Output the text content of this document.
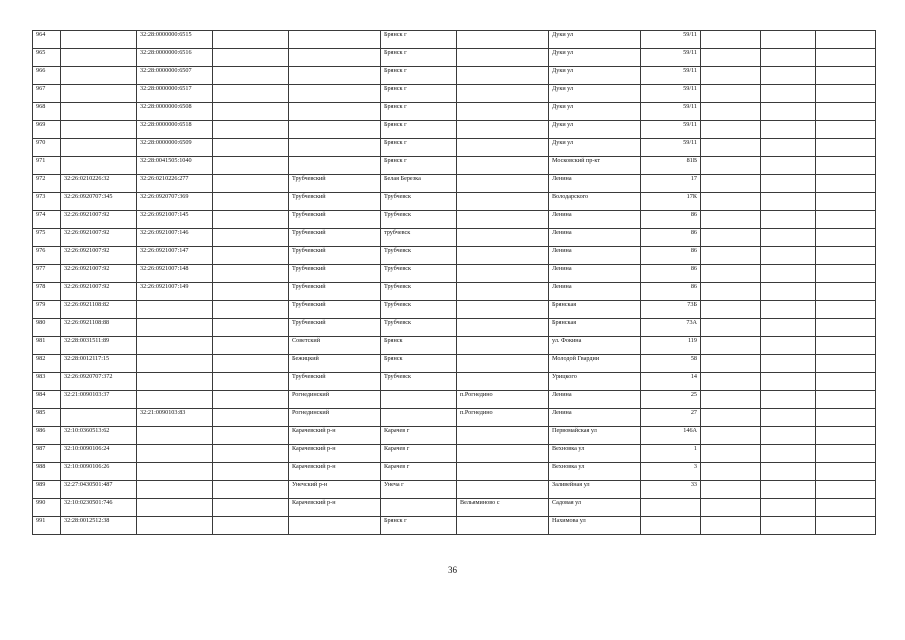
964		32:28:0000000:6515			Брянск г		Дуки ул	59/11			
965		32:28:0000000:6516			Брянск г		Дуки ул	59/11			
966		32:28:0000000:6507			Брянск г		Дуки ул	59/11			
967		32:28:0000000:6517			Брянск г		Дуки ул	59/11			
968		32:28:0000000:6508			Брянск г		Дуки ул	59/11			
969		32:28:0000000:6518			Брянск г		Дуки ул	59/11			
970		32:28:0000000:6509			Брянск г		Дуки ул	59/11			
971		32:28:0041505:1040			Брянск г		Московский пр-кт	81В			
972	32:26:0210226:32	32:26:0210226:277		Трубчевский	Белая Березка		Ленина	17			
973	32:26:0920707:345	32:26:0920707:369		Трубчевский	Трубчевск		Володарского	17К			
974	32:26:0921007:92	32:26:0921007:145		Трубчевский	Трубчевск		Ленина	86			
975	32:26:0921007:92	32:26:0921007:146		Трубчевский	трубчевск		Ленина	86			
976	32:26:0921007:92	32:26:0921007:147		Трубчевский	Трубчевск		Ленина	86			
977	32:26:0921007:92	32:26:0921007:148		Трубчевский	Трубчевск		Ленина	86			
978	32:26:0921007:92	32:26:0921007:149		Трубчевский	Трубчевск		Ленина	86			
979	32:26:0921108:82			Трубчевский	Трубчевск		Брянская	73Б			
980	32:26:0921108:88			Трубчевский	Трубчевск		Брянская	73А			
981	32:28:0031511:89			Советский	Брянск		ул. Фокина	119			
982	32:28:0012117:15			Бежицкий	Брянск		Молодой Гвардии	58			
983	32:26:0920707:372			Трубчевский	Трубчевск		Урицкого	14			
984	32:21:0090103:37			Рогнединский		п.Рогнедино	Ленина	25			
985		32:21:0090103:83		Рогнединский		п.Рогнедино	Ленина	27			
986	32:10:0360513:62			Карачевский р-н	Карачев г		Первомайская ул	146А			
987	32:10:0090106:24			Карачевский р-н	Карачев г		Вехновка ул	1			
988	32:10:0090106:26			Карачевский р-н	Карачев г		Вехновка ул	3			
989	32:27:0430501:487			Унечский р-н	Унеча г		Заливейная ул	33			
990	32:10:0230501:746			Карачевский р-н		Вельяминово с	Садовая ул				
991	32:28:0012512:38				Брянск г		Нахимова ул				
36
